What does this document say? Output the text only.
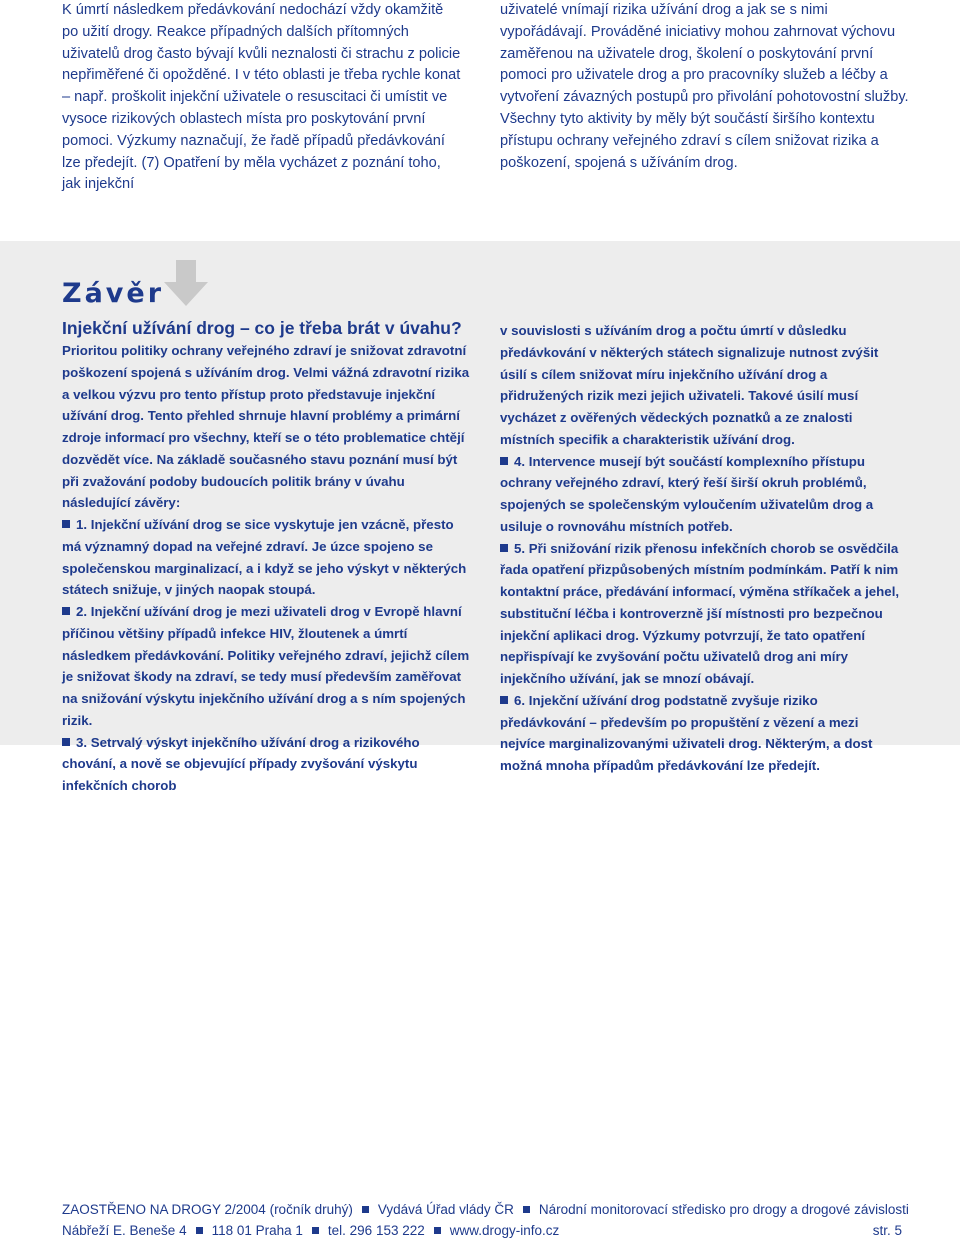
K úmrtí následkem předávkování nedochází vždy okamžitě po užití drogy. Reakce případných dalších přítomných uživatelů drog často bývají kvůli neznalosti či strachu z policie nepřiměřené či opožděné. I v této oblasti je třeba rychle konat – např. proškolit injekční uživatele o resuscitaci či umístit ve vysoce rizikových oblastech místa pro poskytování první pomoci. Výzkumy naznačují, že řadě případů předávkování lze předejít. (7) Opatření by měla vycházet z poznání toho, jak injekční

uživatelé vnímají rizika užívání drog a jak se s nimi vypořádávají. Prováděné iniciativy mohou zahrnovat výchovu zaměřenou na uživatele drog, školení o poskytování první pomoci pro uživatele drog a pro pracovníky služeb a léčby a vytvoření závazných postupů pro přivolání pohotovostní služby. Všechny tyto aktivity by měly být součástí širšího kontextu přístupu ochrany veřejného zdraví s cílem snižovat rizika a poškození, spojená s užíváním drog.

Závěr

Injekční užívání drog – co je třeba brát v úvahu?

Prioritou politiky ochrany veřejného zdraví je snižovat zdravotní poškození spojená s užíváním drog. Velmi vážná zdravotní rizika a velkou výzvu pro tento přístup proto představuje injekční užívání drog. Tento přehled shrnuje hlavní problémy a primární zdroje informací pro všechny, kteří se o této problematice chtějí dozvědět více. Na základě současného stavu poznání musí být při zvažování podoby budoucích politik brány v úvahu následující závěry:

1. Injekční užívání drog se sice vyskytuje jen vzácně, přesto má významný dopad na veřejné zdraví. Je úzce spojeno se společenskou marginalizací, a i když se jeho výskyt v některých státech snižuje, v jiných naopak stoupá.

2. Injekční užívání drog je mezi uživateli drog v Evropě hlavní příčinou většiny případů infekce HIV, žloutenek a úmrtí následkem předávkování. Politiky veřejného zdraví, jejichž cílem je snižovat škody na zdraví, se tedy musí především zaměřovat na snižování výskytu injekčního užívání drog a s ním spojených rizik.

3. Setrvalý výskyt injekčního užívání drog a rizikového chování, a nově se objevující případy zvyšování výskytu infekčních chorob

v souvislosti s užíváním drog a počtu úmrtí v důsledku předávkování v některých státech signalizuje nutnost zvýšit úsilí s cílem snižovat míru injekčního užívání drog a přidružených rizik mezi jejich uživateli. Takové úsilí musí vycházet z ověřených vědeckých poznatků a ze znalosti místních specifik a charakteristik užívání drog.

4. Intervence musejí být součástí komplexního přístupu ochrany veřejného zdraví, který řeší širší okruh problémů, spojených se společenským vyloučením uživatelům drog a usiluje o rovnováhu místních potřeb.

5. Při snižování rizik přenosu infekčních chorob se osvědčila řada opatření přizpůsobených místním podmínkám. Patří k nim kontaktní práce, předávání informací, výměna stříkaček a jehel, substituční léčba i kontroverzně jší místnosti pro bezpečnou injekční aplikaci drog. Výzkumy potvrzují, že tato opatření nepřispívají ke zvyšování počtu uživatelů drog ani míry injekčního užívání, jak se mnozí obávají.

6. Injekční užívání drog podstatně zvyšuje riziko předávkování – především po propuštění z vězení a mezi nejvíce marginalizovanými uživateli drog. Některým, a dost možná mnoha případům předávkování lze předejít.

ZAOSTŘENO NA DROGY 2/2004 (ročník druhý) Vydává Úřad vlády ČR Národní monitorovací středisko pro drogy a drogové závislosti
Nábřeží E. Beneše 4 118 01 Praha 1 tel. 296 153 222 www.drogy-info.cz	str. 5
